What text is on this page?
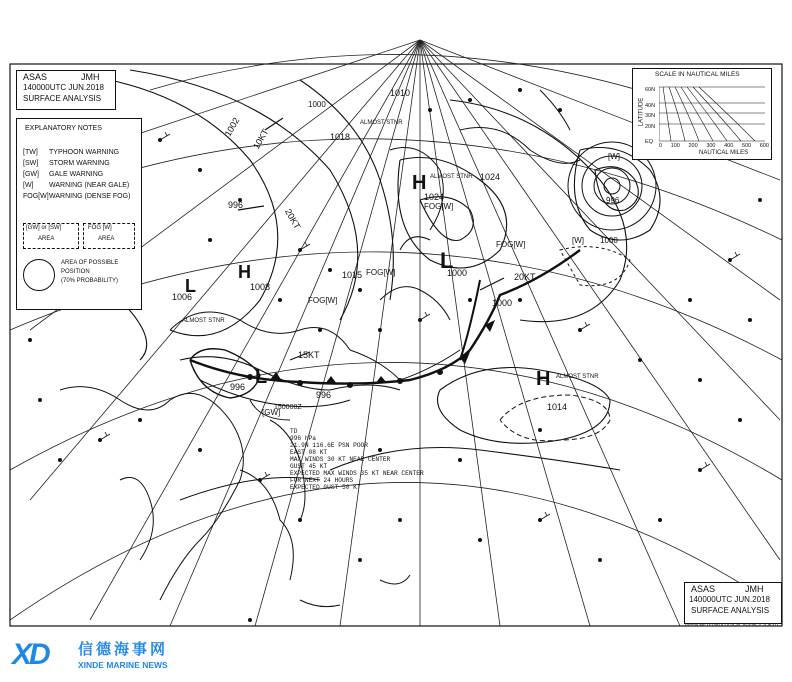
L
1000
H
1024
L
996	H
1014
L
1006
H
1008
1010
1018
1015
1024
1000
1000
996
996
1002
996
1000
FOG[W]
FOG[W]
FOG[W]
FOG[W]	[W]
[W]
[GW]
10KT
20KT
15KT
20KT
ALMOST STNR
ALMOST STNR
ALMOST STNR
ALMOST STNR
150000Z
TD
996 hPa
21.9N 116.6E PSN POOR
EAST 08 KT
MAX WINDS 30 KT NEAR CENTER
GUST 45 KT
EXPECTED MAX WINDS 35 KT NEAR CENTER
FOR NEXT 24 HOURS
EXPECTED GUST 50 KT
ASAS	JMH
140000UTC JUN.2018
SURFACE ANALYSIS
EXPLANATORY NOTES
[TW] TYPHOON WARNING
[SW] STORM WARNING
[GW] GALE WARNING
[W] WARNING (NEAR GALE)
FOG[W]WARNING (DENSE FOG)
[GW] or [SW]
AREA
FOG [W]
AREA
AREA OF POSSIBLE
POSITION
(70% PROBABILITY)
SCALE IN NAUTICAL MILES
LATITUDE
60N
40N
30N
20N
EQ
0 100 200 300 400 500 600
NAUTICAL MILES
ASAS	JMH
140000UTC JUN.2018
SURFACE ANALYSIS
JAPAN METEOROLOGICAL AGENCY TOKYO
XD 信德海事网
XINDE MARINE NEWS
